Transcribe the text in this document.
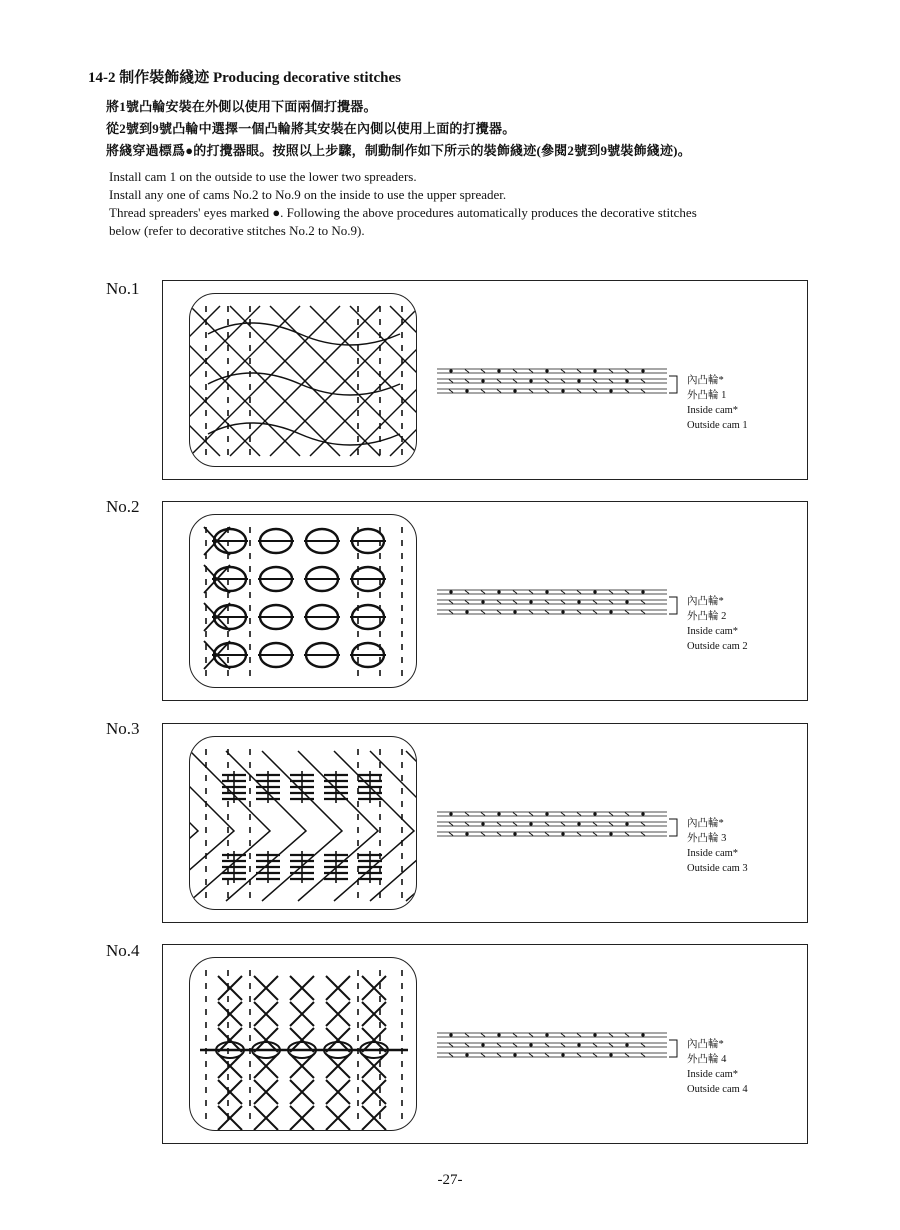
14-2 制作裝飾綫迹 Producing decorative stitches
將1號凸輪安裝在外側以使用下面兩個打攪器。
從2號到9號凸輪中選擇一個凸輪將其安裝在內側以使用上面的打攪器。
將綫穿過標爲●的打攪器眼。按照以上步驟，制動制作如下所示的裝飾綫迹(參閱2號到9號裝飾綫迹)。
Install cam 1 on the outside to use the lower two spreaders.
Install any one of cams No.2 to No.9 on the inside to use the upper spreader.
Thread spreaders' eyes marked ●. Following the above procedures automatically produces the decorative stitches
below (refer to decorative stitches No.2 to No.9).
No.1
內凸輪*
外凸輪 1
Inside cam*
Outside cam 1
No.2
內凸輪*
外凸輪 2
Inside cam*
Outside cam 2
No.3
內凸輪*
外凸輪 3
Inside cam*
Outside cam 3
No.4
內凸輪*
外凸輪 4
Inside cam*
Outside cam 4
-27-
